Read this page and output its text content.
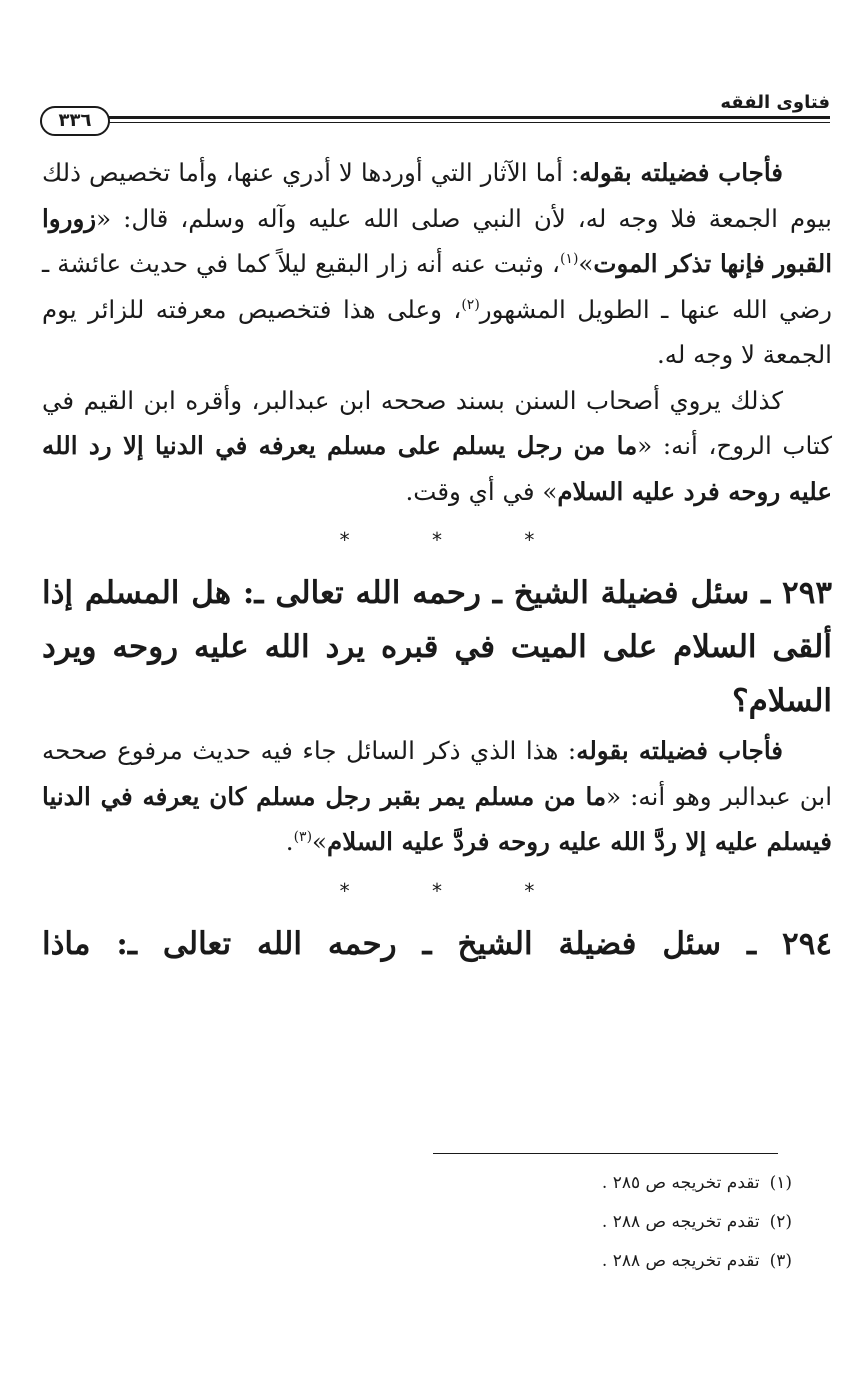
فتاوى الفقه
٣٣٦

فأجاب فضيلته بقوله: أما الآثار التي أوردها لا أدري عنها، وأما تخصيص ذلك بيوم الجمعة فلا وجه له، لأن النبي صلى الله عليه وآله وسلم، قال: «زوروا القبور فإنها تذكر الموت»$^{(١)}$، وثبت عنه أنه زار البقيع ليلاً كما في حديث عائشة ـ رضي الله عنها ـ الطويل المشهور$^{(٢)}$، وعلى هذا فتخصيص معرفته للزائر يوم الجمعة لا وجه له.

كذلك يروي أصحاب السنن بسند صححه ابن عبدالبر، وأقره ابن القيم في كتاب الروح، أنه: «ما من رجل يسلم على مسلم يعرفه في الدنيا إلا رد الله عليه روحه فرد عليه السلام» في أي وقت.

* * *

٢٩٣ ـ سئل فضيلة الشيخ ـ رحمه الله تعالى ـ: هل المسلم إذا ألقى السلام على الميت في قبره يرد الله عليه روحه ويرد السلام؟

فأجاب فضيلته بقوله: هذا الذي ذكر السائل جاء فيه حديث مرفوع صححه ابن عبدالبر وهو أنه: «ما من مسلم يمر بقبر رجل مسلم كان يعرفه في الدنيا فيسلم عليه إلا ردَّ الله عليه روحه فردَّ عليه السلام»$^{(٣)}$.

* * *

٢٩٤ ـ سئل فضيلة الشيخ ـ رحمه الله تعالى ـ: ماذا

(١)تقدم تخريجه ص ٢٨٥ .
(٢)تقدم تخريجه ص ٢٨٨ .
(٣)تقدم تخريجه ص ٢٨٨ .
